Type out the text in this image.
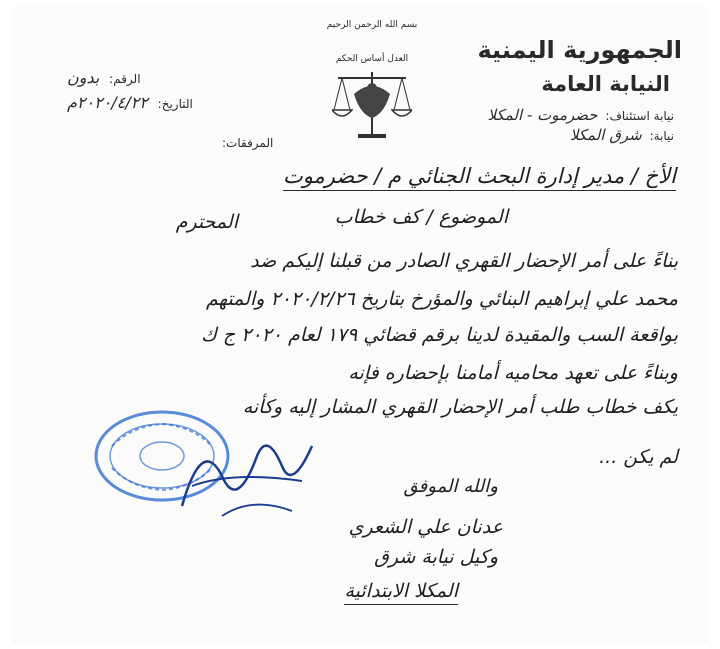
الجمهورية اليمنية
النيابة العامة
نيابة استئناف: حضرموت - المكلا
نيابة: شرق المكلا
بسم الله الرحمن الرحيم
العدل أساس الحكم
الرقم: بدون
التاريخ: ٢٠٢٠/٤/٢٢م
المرفقات:
الأخ / مدير إدارة البحث الجنائي م / حضرموت
الموضوع / كف خطاب
المحترم
بناءً على أمر الإحضار القهري الصادر من قبلنا إليكم ضد
محمد علي إبراهيم البنائي والمؤرخ بتاريخ ٢٠٢٠/٢/٢٦ والمتهم
بواقعة السب والمقيدة لدينا برقم قضائي ١٧٩ لعام ٢٠٢٠ ج ك
وبناءً على تعهد محاميه أمامنا بإحضاره فإنه
يكف خطاب طلب أمر الإحضار القهري المشار إليه وكأنه
لم يكن ...
والله الموفق
عدنان علي الشعري
وكيل نيابة شرق
المكلا الابتدائية
